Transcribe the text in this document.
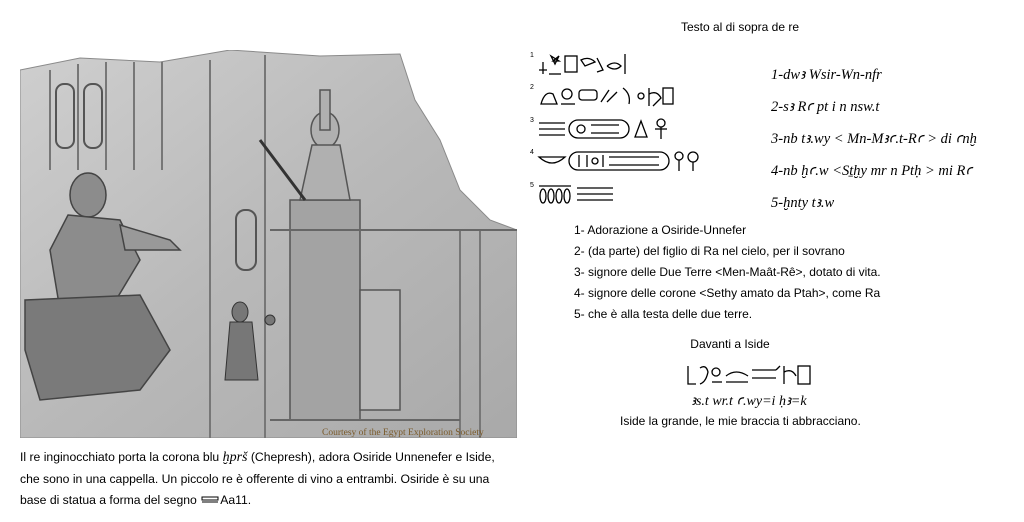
Courtesy of the Egypt Exploration Society
Il re inginocchiato porta la corona blu ḫprš (Chepresh), adora Osiride Unnenefer e Iside,
che sono in una cappella. Un piccolo re è offerente di vino a entrambi. Osiride è su una
base di statua a forma del segno Aa11.
Testo al di sopra de re
1
1-dwꜣ Wsir-Wn-nfr
2
2-sꜣ Rꜥ pt i n nsw.t
3
3-nb tꜣ.wy < Mn-Mꜣꜥ.t-Rꜥ > di ꜥnḫ
4
4-nb ḫꜥ.w <Sṯḫy mr n Ptḥ > mi Rꜥ
5
5-ḫnty tꜣ.w
1- Adorazione a Osiride-Unnefer
2- (da parte) del figlio di Ra nel cielo, per il sovrano
3- signore delle Due Terre <Men-Maât-Rê>, dotato di vita.
4- signore delle corone <Sethy amato da Ptah>, come Ra
5- che è alla testa delle due terre.
Davanti a Iside
ꜣs.t wr.t ꜥ.wy=i ḥꜣ=k
Iside la grande, le mie braccia ti abbracciano.
